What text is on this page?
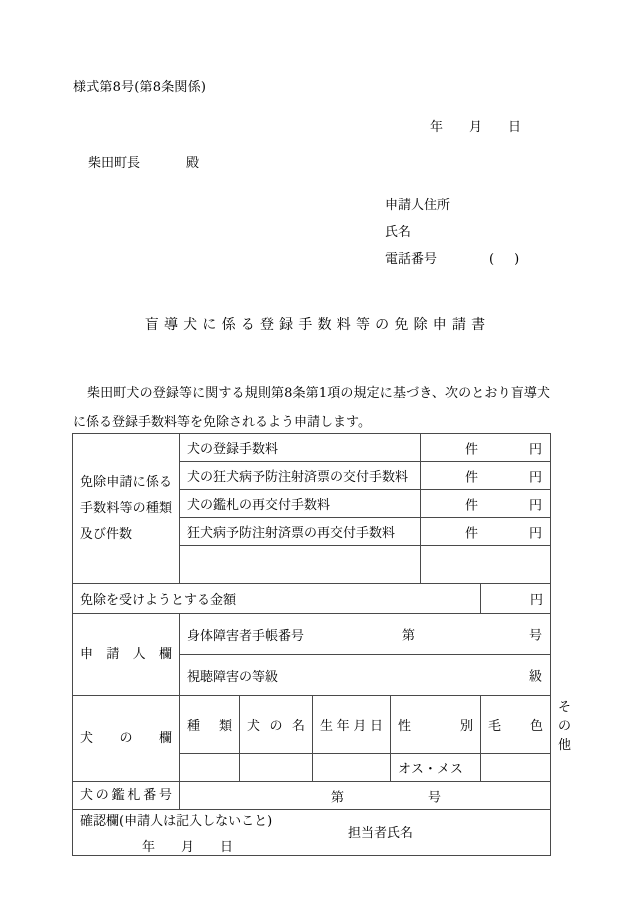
様式第8号(第8条関係)
年 月 日
柴田町長	殿
申請人住所
氏名
電話番号	( )
盲導犬に係る登録手数料等の免除申請書
柴田町犬の登録等に関する規則第8条第1項の規定に基づき、次のとおり盲導犬に係る登録手数料等を免除されるよう申請します。
免除申請に係る
手数料等の種類
及び件数	犬の登録手数料				件 円		

	犬の狂犬病予防注射済票の交付手数料				件 円		

	犬の鑑札の再交付手数料				件 円		

	狂犬病予防注射済票の再交付手数料				件 円		

免除を受けようとする金額						円	

申請人欄	身体障害者手帳番号 第 号						

	視聴障害の等級 級						

犬の欄	種類	犬の名	生年月日	性別		毛色	その他

				オス・メス			

犬の鑑札番号	第 号						

確認欄(申請人は記入しないこと)
年 月 日
担当者氏名							
